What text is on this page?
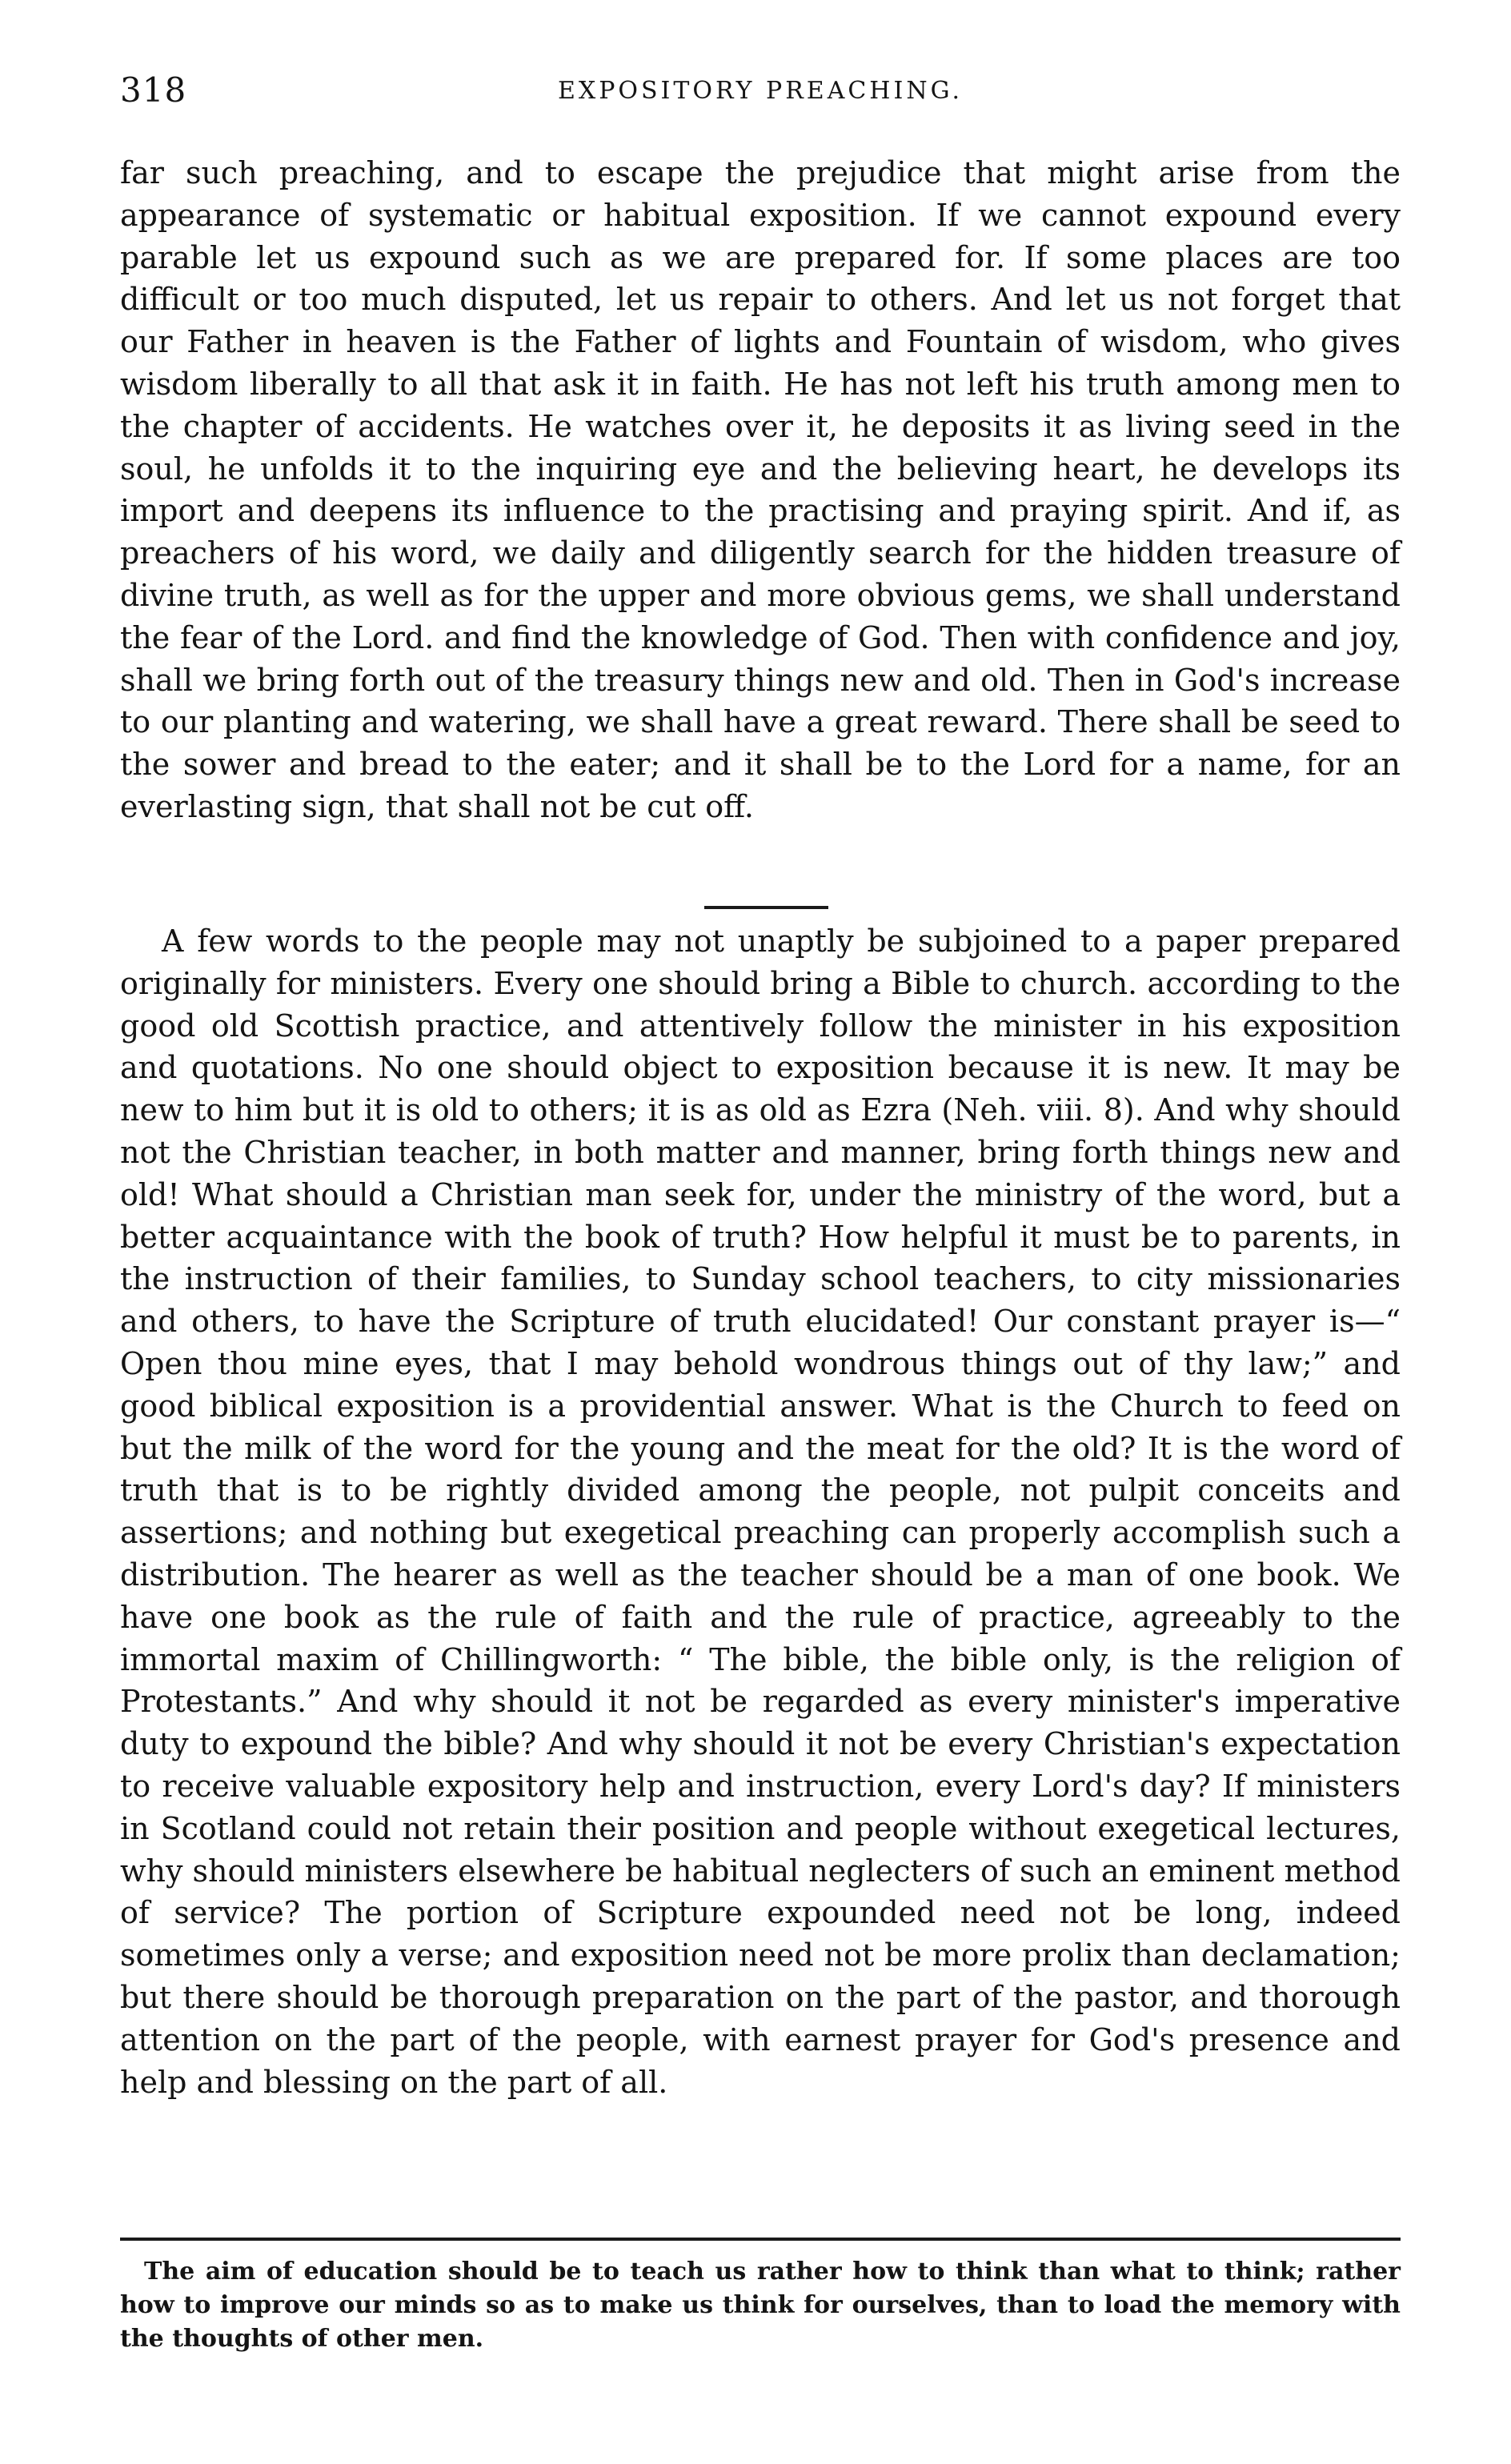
318	EXPOSITORY PREACHING.

far such preaching, and to escape the prejudice that might arise from the appearance of systematic or habitual exposition. If we cannot expound every parable let us expound such as we are prepared for. If some places are too difficult or too much disputed, let us repair to others. And let us not forget that our Father in heaven is the Father of lights and Fountain of wisdom, who gives wisdom liberally to all that ask it in faith. He has not left his truth among men to the chapter of accidents. He watches over it, he deposits it as living seed in the soul, he unfolds it to the inquiring eye and the believing heart, he develops its import and deepens its influence to the practising and praying spirit. And if, as preachers of his word, we daily and diligently search for the hidden treasure of divine truth, as well as for the upper and more obvious gems, we shall understand the fear of the Lord. and find the knowledge of God. Then with confidence and joy, shall we bring forth out of the treasury things new and old. Then in God's increase to our planting and watering, we shall have a great reward. There shall be seed to the sower and bread to the eater; and it shall be to the Lord for a name, for an everlasting sign, that shall not be cut off.

A few words to the people may not unaptly be subjoined to a paper prepared originally for ministers. Every one should bring a Bible to church. according to the good old Scottish practice, and attentively follow the minister in his exposition and quotations. No one should object to exposition because it is new. It may be new to him but it is old to others; it is as old as Ezra (Neh. viii. 8). And why should not the Christian teacher, in both matter and manner, bring forth things new and old! What should a Christian man seek for, under the ministry of the word, but a better acquaintance with the book of truth? How helpful it must be to parents, in the instruction of their families, to Sunday school teachers, to city missionaries and others, to have the Scripture of truth elucidated! Our constant prayer is—“ Open thou mine eyes, that I may behold wondrous things out of thy law;” and good biblical exposition is a providential answer. What is the Church to feed on but the milk of the word for the young and the meat for the old? It is the word of truth that is to be rightly divided among the people, not pulpit conceits and assertions; and nothing but exegetical preaching can properly accomplish such a distribution. The hearer as well as the teacher should be a man of one book. We have one book as the rule of faith and the rule of practice, agreeably to the immortal maxim of Chillingworth: “ The bible, the bible only, is the religion of Protestants.” And why should it not be regarded as every minister's imperative duty to expound the bible? And why should it not be every Christian's expectation to receive valuable expository help and instruction, every Lord's day? If ministers in Scotland could not retain their position and people without exegetical lectures, why should ministers elsewhere be habitual neglecters of such an eminent method of service? The portion of Scripture expounded need not be long, indeed sometimes only a verse; and exposition need not be more prolix than declamation; but there should be thorough preparation on the part of the pastor, and thorough attention on the part of the people, with earnest prayer for God's presence and help and blessing on the part of all.

The aim of education should be to teach us rather how to think than what to think; rather how to improve our minds so as to make us think for ourselves, than to load the memory with the thoughts of other men.
